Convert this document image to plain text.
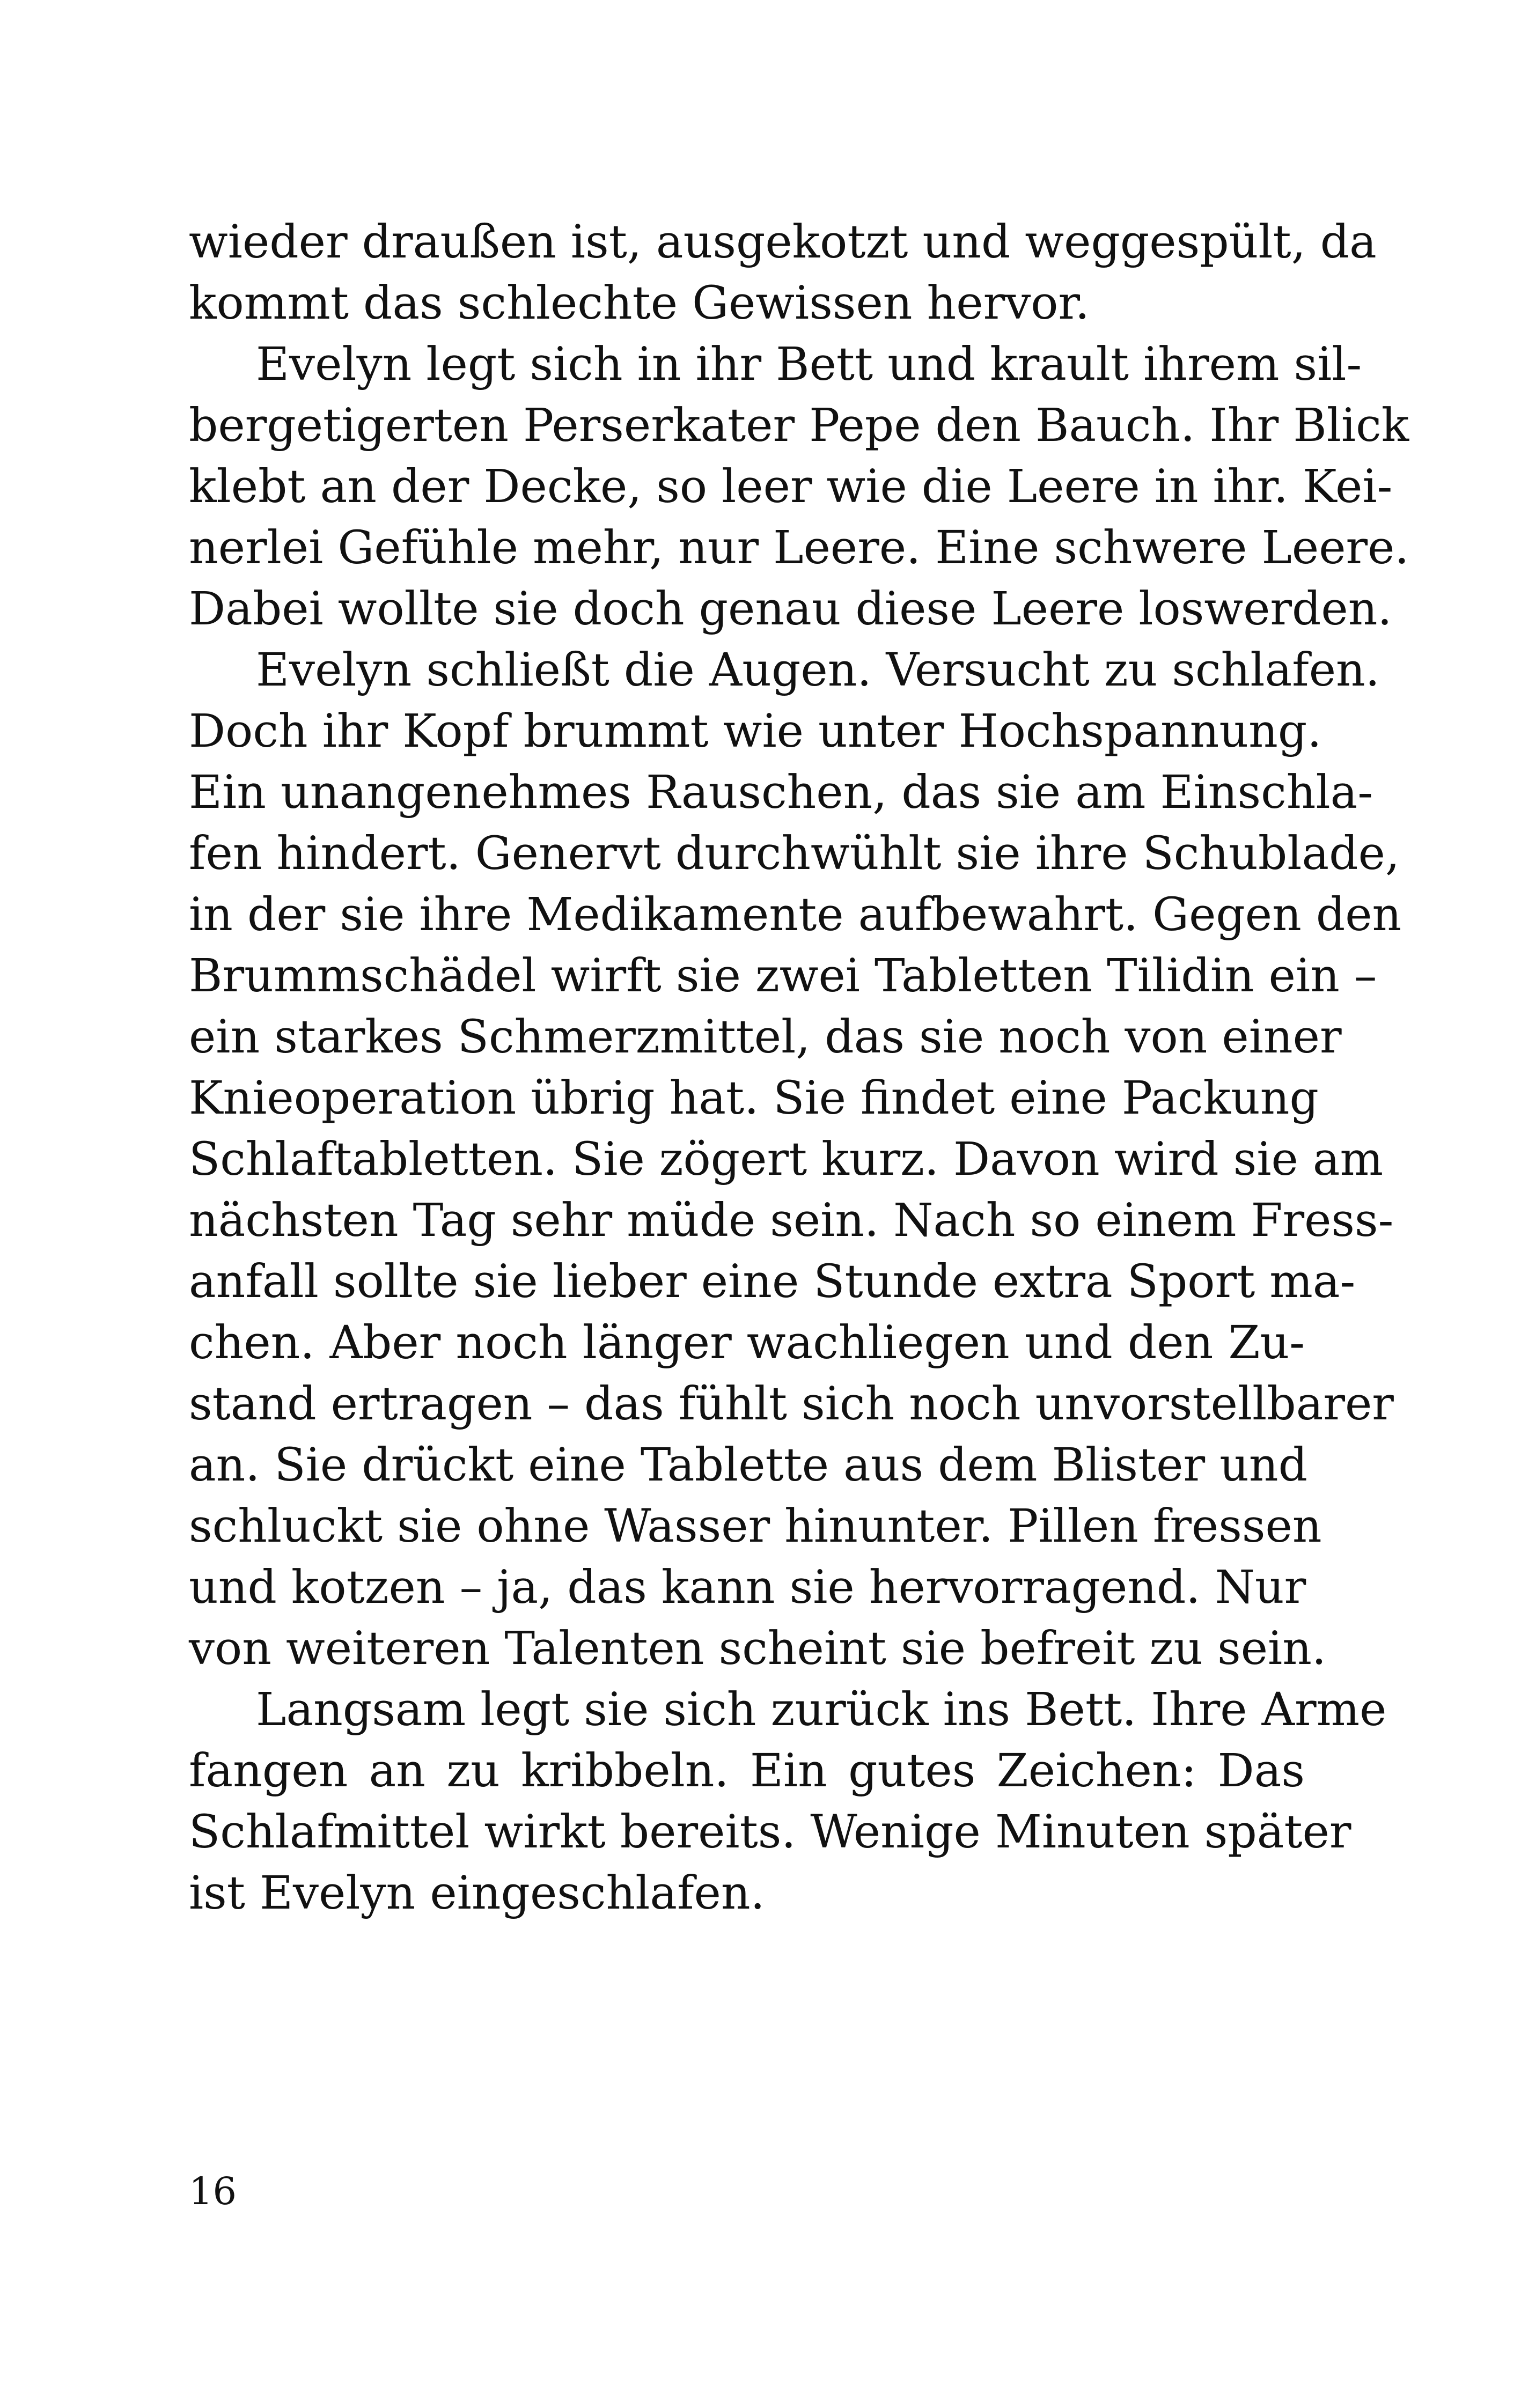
wieder draußen ist, ausgekotzt und weggespült, da
kommt das schlechte Gewissen hervor.
Evelyn legt sich in ihr Bett und krault ihrem sil-
bergetigerten Perserkater Pepe den Bauch. Ihr Blick
klebt an der Decke, so leer wie die Leere in ihr. Kei-
nerlei Gefühle mehr, nur Leere. Eine schwere Leere.
Dabei wollte sie doch genau diese Leere loswerden.
Evelyn schließt die Augen. Versucht zu schlafen.
Doch ihr Kopf brummt wie unter Hochspannung.
Ein unangenehmes Rauschen, das sie am Einschla-
fen hindert. Genervt durchwühlt sie ihre Schublade,
in der sie ihre Medikamente aufbewahrt. Gegen den
Brummschädel wirft sie zwei Tabletten Tilidin ein –
ein starkes Schmerzmittel, das sie noch von einer
Knieoperation übrig hat. Sie findet eine Packung
Schlaftabletten. Sie zögert kurz. Davon wird sie am
nächsten Tag sehr müde sein. Nach so einem Fress-
anfall sollte sie lieber eine Stunde extra Sport ma-
chen. Aber noch länger wachliegen und den Zu-
stand ertragen – das fühlt sich noch unvorstellbarer
an. Sie drückt eine Tablette aus dem Blister und
schluckt sie ohne Wasser hinunter. Pillen fressen
und kotzen – ja, das kann sie hervorragend. Nur
von weiteren Talenten scheint sie befreit zu sein.
Langsam legt sie sich zurück ins Bett. Ihre Arme
fangen an zu kribbeln. Ein gutes Zeichen: Das
Schlafmittel wirkt bereits. Wenige Minuten später
ist Evelyn eingeschlafen.
16
